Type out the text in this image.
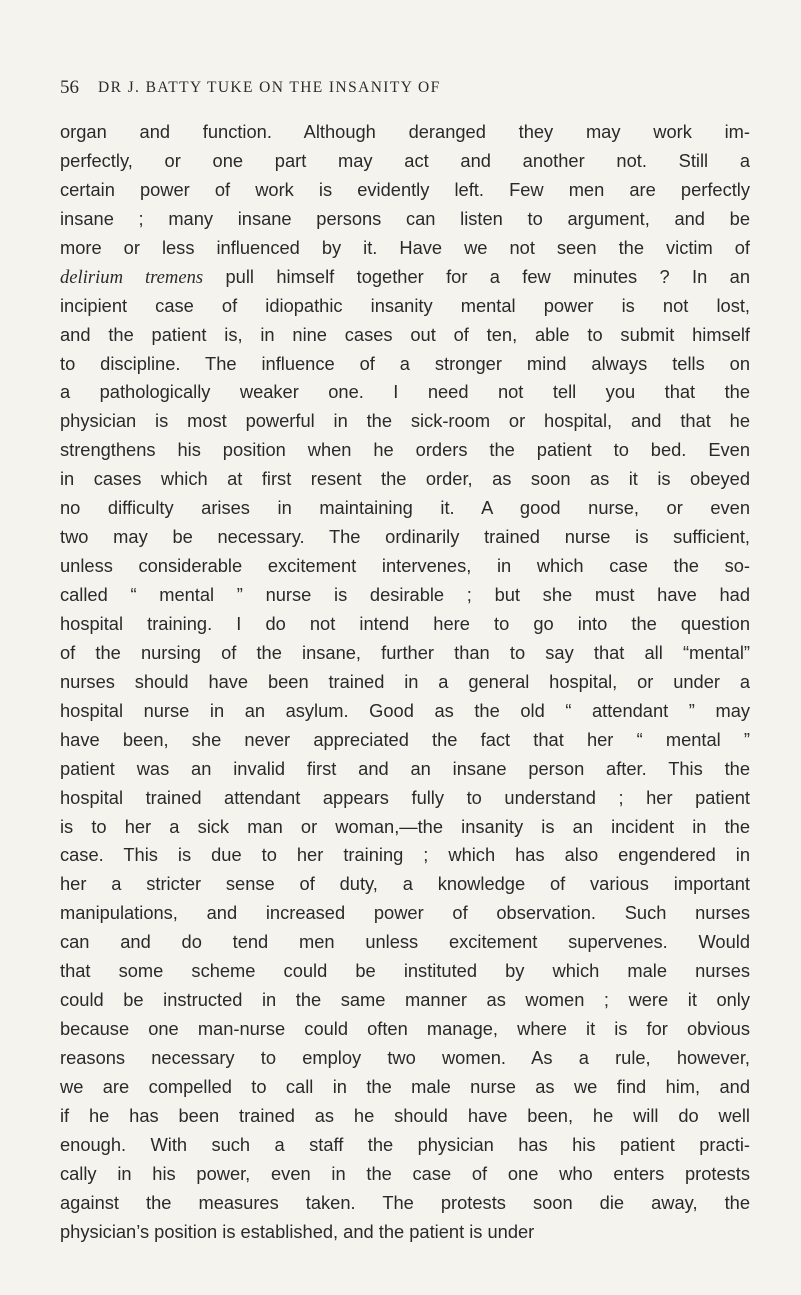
56 DR J. BATTY TUKE ON THE INSANITY OF
organ and function. Although deranged they may work im-
perfectly, or one part may act and another not. Still a
certain power of work is evidently left. Few men are perfectly
insane ; many insane persons can listen to argument, and be
more or less influenced by it. Have we not seen the victim of
delirium tremens pull himself together for a few minutes ? In an
incipient case of idiopathic insanity mental power is not lost,
and the patient is, in nine cases out of ten, able to submit himself
to discipline. The influence of a stronger mind always tells on
a pathologically weaker one. I need not tell you that the
physician is most powerful in the sick-room or hospital, and that he
strengthens his position when he orders the patient to bed. Even
in cases which at first resent the order, as soon as it is obeyed
no difficulty arises in maintaining it. A good nurse, or even
two may be necessary. The ordinarily trained nurse is sufficient,
unless considerable excitement intervenes, in which case the so-
called “ mental ” nurse is desirable ; but she must have had
hospital training. I do not intend here to go into the question
of the nursing of the insane, further than to say that all “mental”
nurses should have been trained in a general hospital, or under a
hospital nurse in an asylum. Good as the old “ attendant ” may
have been, she never appreciated the fact that her “ mental ”
patient was an invalid first and an insane person after. This the
hospital trained attendant appears fully to understand ; her patient
is to her a sick man or woman,—the insanity is an incident in the
case. This is due to her training ; which has also engendered in
her a stricter sense of duty, a knowledge of various important
manipulations, and increased power of observation. Such nurses
can and do tend men unless excitement supervenes. Would
that some scheme could be instituted by which male nurses
could be instructed in the same manner as women ; were it only
because one man-nurse could often manage, where it is for obvious
reasons necessary to employ two women. As a rule, however,
we are compelled to call in the male nurse as we find him, and
if he has been trained as he should have been, he will do well
enough. With such a staff the physician has his patient practi-
cally in his power, even in the case of one who enters protests
against the measures taken. The protests soon die away, the
physician’s position is established, and the patient is under
